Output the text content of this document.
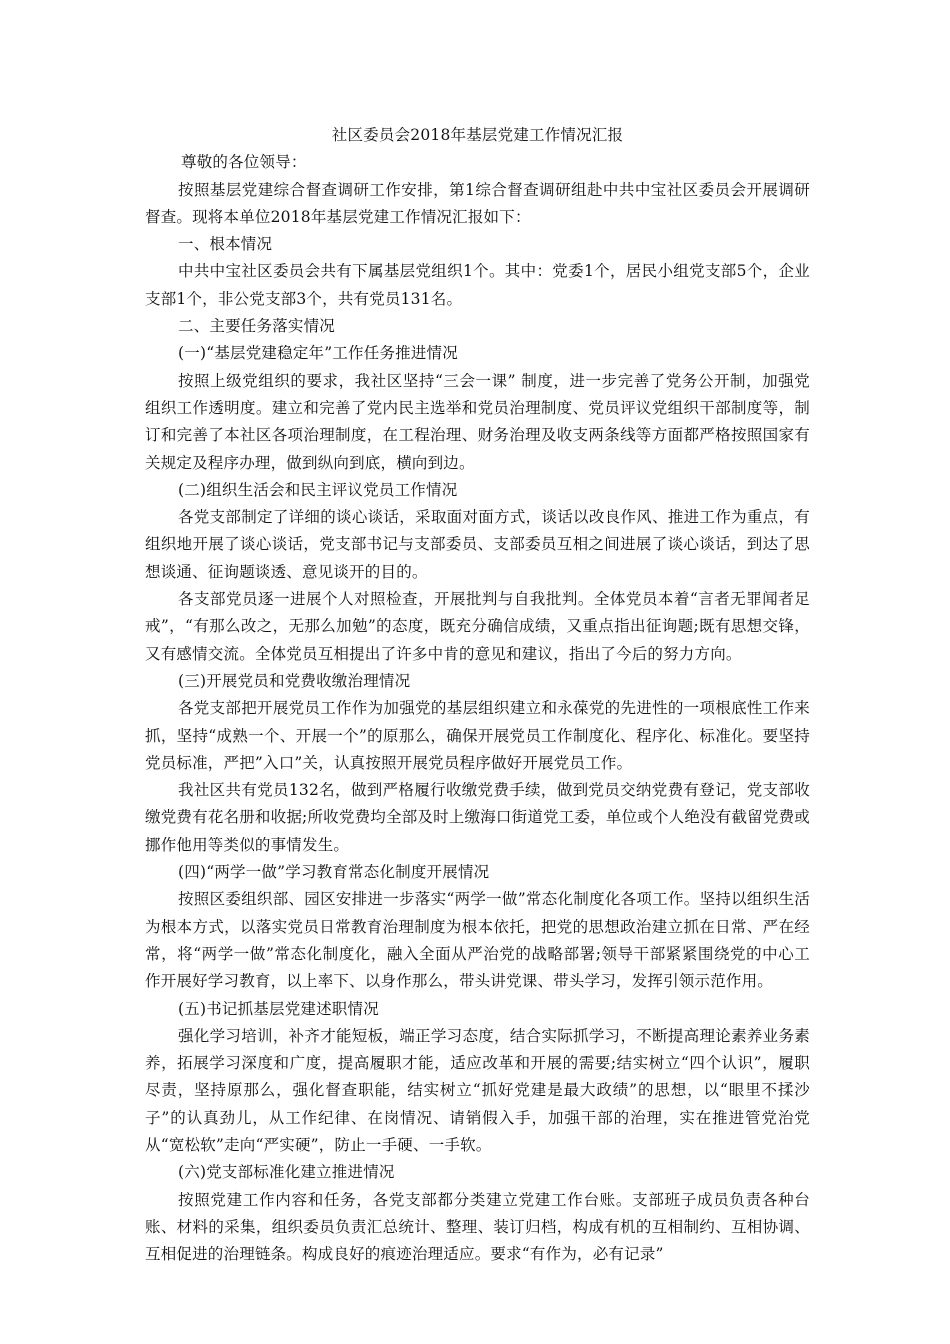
社区委员会2018年基层党建工作情况汇报

尊敬的各位领导：

按照基层党建综合督查调研工作安排，第1综合督查调研组赴中共中宝社区委员会开展调研督查。现将本单位2018年基层党建工作情况汇报如下：

一、根本情况

中共中宝社区委员会共有下属基层党组织1个。其中：党委1个，居民小组党支部5个，企业支部1个，非公党支部3个，共有党员131名。

二、主要任务落实情况

(一)“基层党建稳定年”工作任务推进情况

按照上级党组织的要求，我社区坚持“三会一课” 制度，进一步完善了党务公开制，加强党组织工作透明度。建立和完善了党内民主选举和党员治理制度、党员评议党组织干部制度等，制订和完善了本社区各项治理制度，在工程治理、财务治理及收支两条线等方面都严格按照国家有关规定及程序办理，做到纵向到底，横向到边。

(二)组织生活会和民主评议党员工作情况

各党支部制定了详细的谈心谈话，采取面对面方式，谈话以改良作风、推进工作为重点，有组织地开展了谈心谈话，党支部书记与支部委员、支部委员互相之间进展了谈心谈话，到达了思想谈通、征询题谈透、意见谈开的目的。

各支部党员逐一进展个人对照检查，开展批判与自我批判。全体党员本着“言者无罪闻者足戒”，“有那么改之，无那么加勉”的态度，既充分确信成绩，又重点指出征询题;既有思想交锋，又有感情交流。全体党员互相提出了许多中肯的意见和建议，指出了今后的努力方向。

(三)开展党员和党费收缴治理情况

各党支部把开展党员工作作为加强党的基层组织建立和永葆党的先进性的一项根底性工作来抓，坚持“成熟一个、开展一个”的原那么，确保开展党员工作制度化、程序化、标准化。要坚持党员标准，严把”入口”关，认真按照开展党员程序做好开展党员工作。

我社区共有党员132名，做到严格履行收缴党费手续，做到党员交纳党费有登记，党支部收缴党费有花名册和收据;所收党费均全部及时上缴海口街道党工委，单位或个人绝没有截留党费或挪作他用等类似的事情发生。

(四)“两学一做”学习教育常态化制度开展情况

按照区委组织部、园区安排进一步落实“两学一做”常态化制度化各项工作。坚持以组织生活为根本方式，以落实党员日常教育治理制度为根本依托，把党的思想政治建立抓在日常、严在经常，将“两学一做”常态化制度化，融入全面从严治党的战略部署;领导干部紧紧围绕党的中心工作开展好学习教育，以上率下、以身作那么，带头讲党课、带头学习，发挥引领示范作用。

(五)书记抓基层党建述职情况

强化学习培训，补齐才能短板，端正学习态度，结合实际抓学习，不断提高理论素养业务素养，拓展学习深度和广度，提高履职才能，适应改革和开展的需要;结实树立“四个认识”，履职尽责，坚持原那么，强化督查职能，结实树立“抓好党建是最大政绩”的思想，以“眼里不揉沙子”的认真劲儿，从工作纪律、在岗情况、请销假入手，加强干部的治理，实在推进管党治党从“宽松软”走向“严实硬”，防止一手硬、一手软。

(六)党支部标准化建立推进情况

按照党建工作内容和任务，各党支部都分类建立党建工作台账。支部班子成员负责各种台账、材料的采集，组织委员负责汇总统计、整理、装订归档，构成有机的互相制约、互相协调、互相促进的治理链条。构成良好的痕迹治理适应。要求“有作为，必有记录”
